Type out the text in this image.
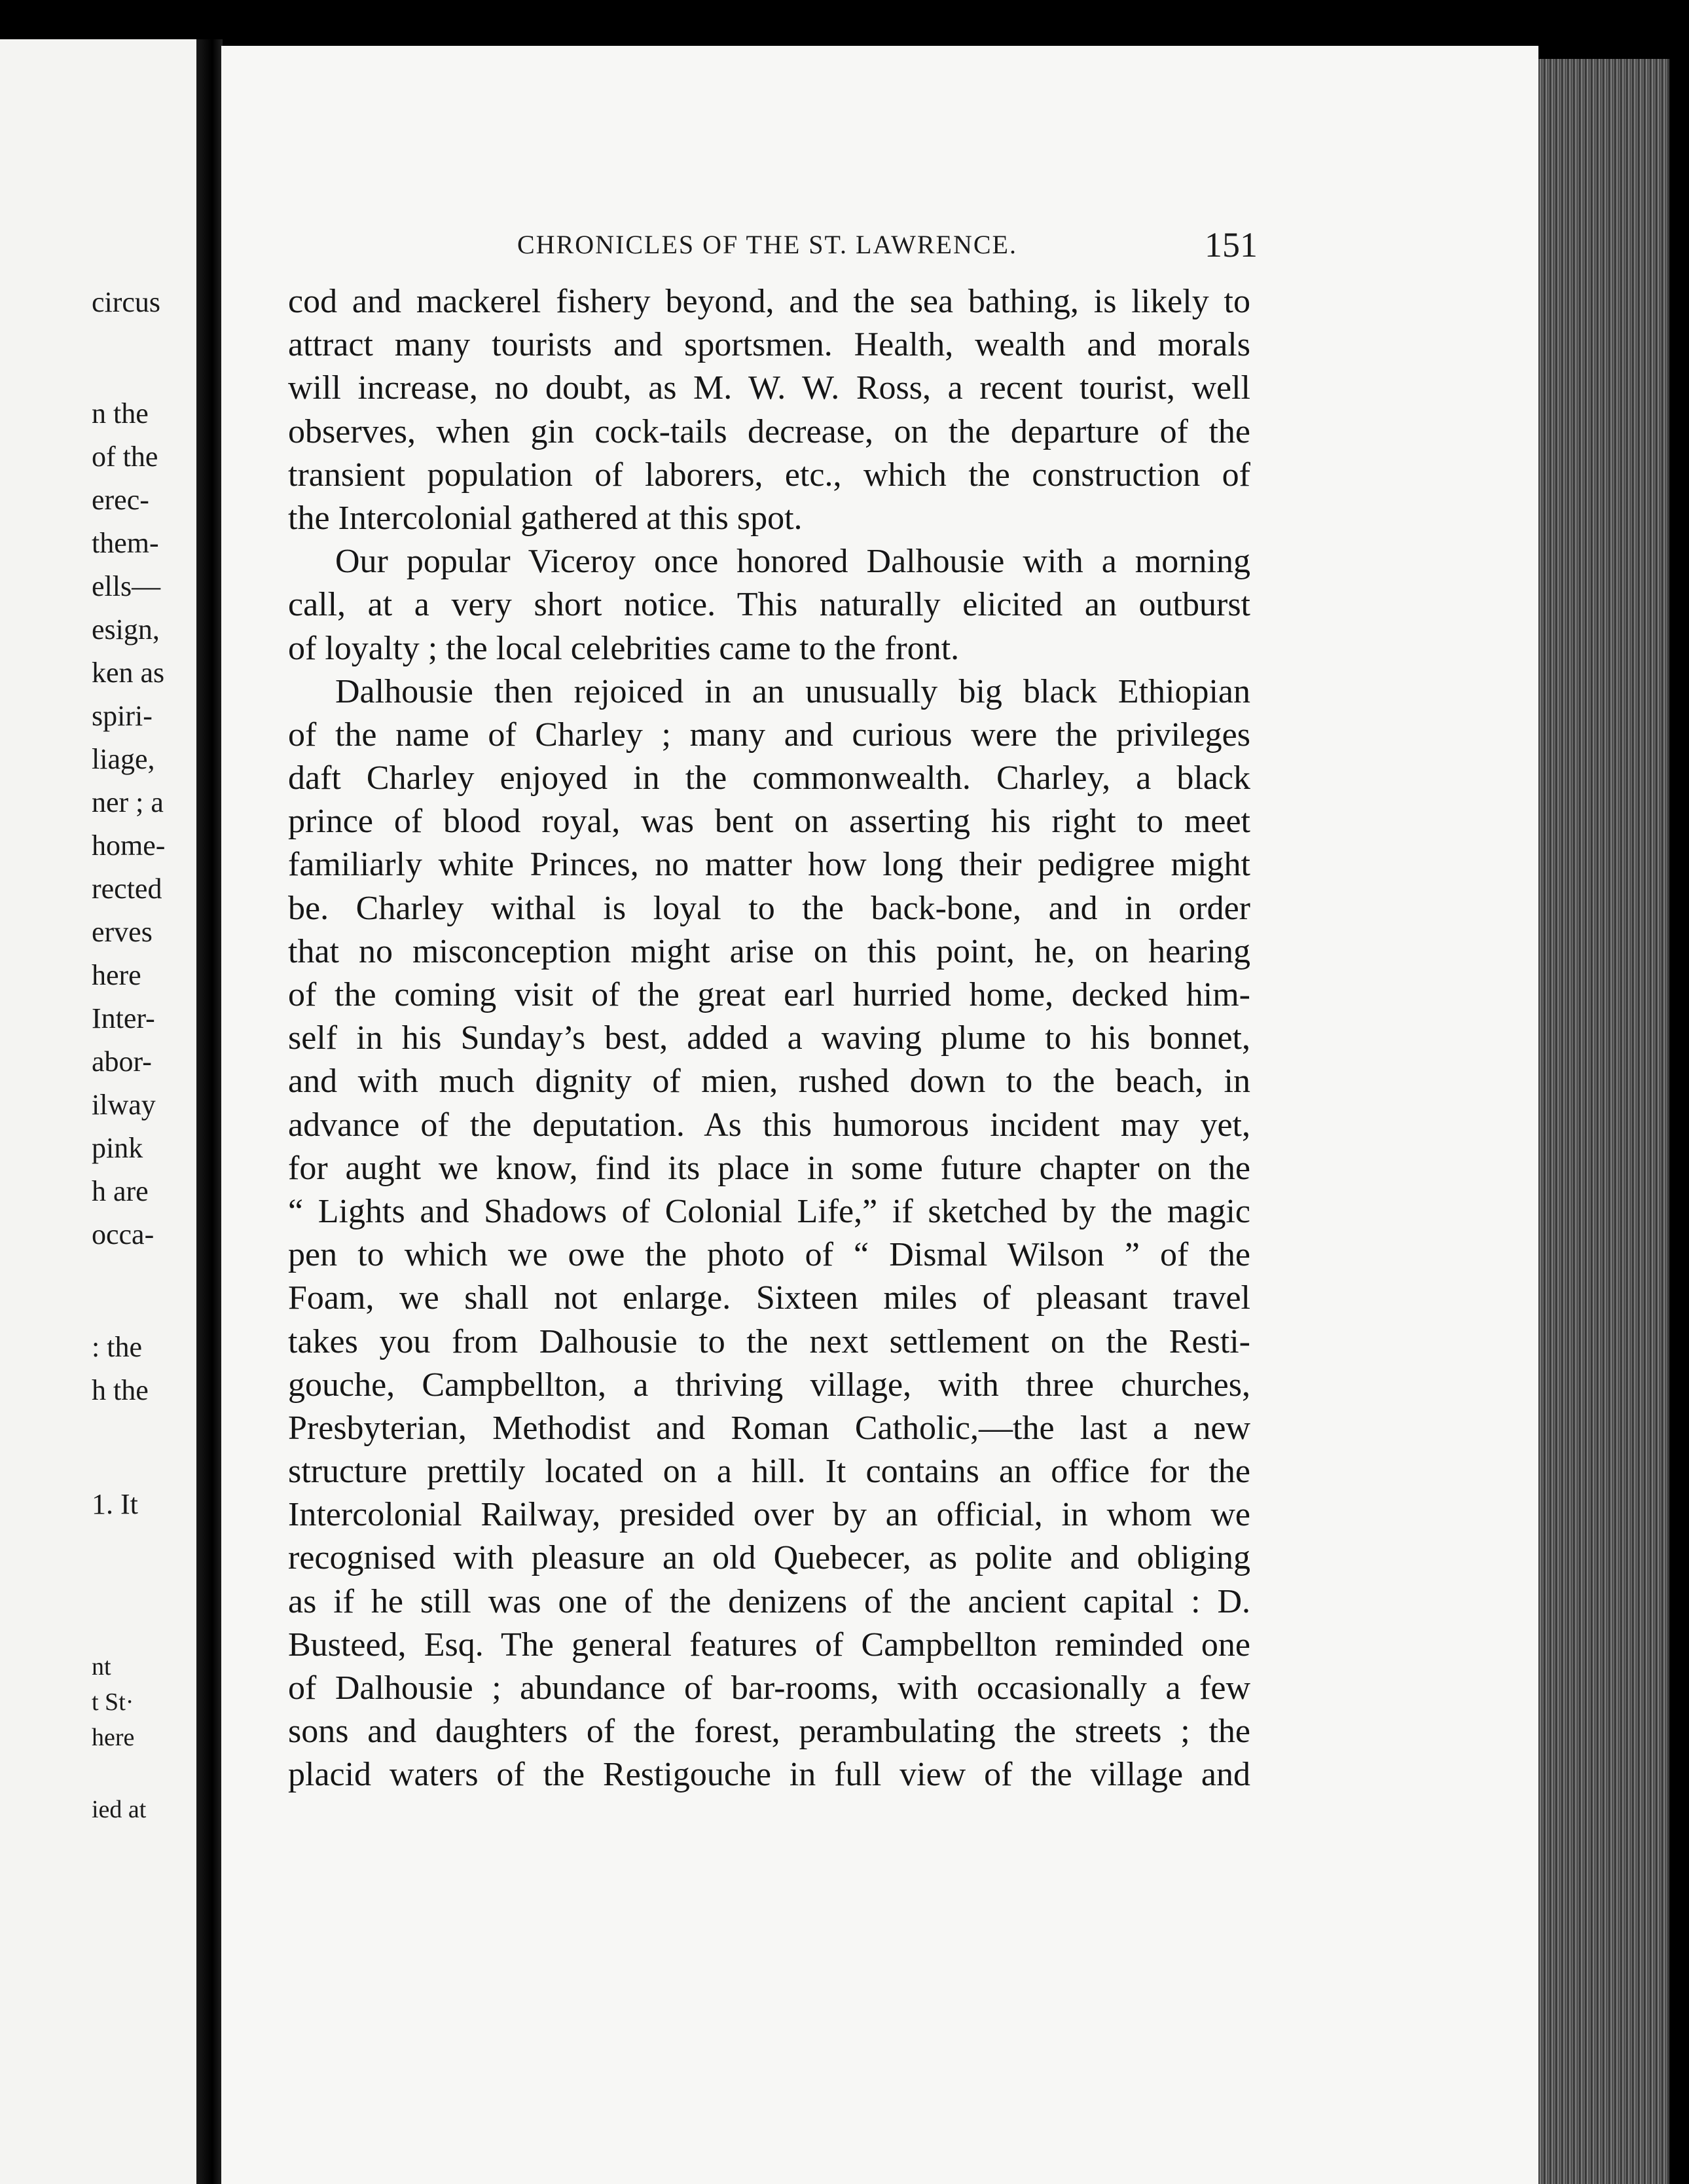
circus
n the
of the
erec-
them-
ells—
esign,
ken as
spiri-
liage,
ner ; a
home-
rected
erves
here
Inter-
abor-
ilway
pink
h are
occa-
: the
h the
1. It
nt
t St·
here
ied at
CHRONICLES OF THE ST. LAWRENCE.	151
cod and mackerel fishery beyond, and the sea bathing, is likely to
attract many tourists and sportsmen. Health, wealth and morals
will increase, no doubt, as M. W. W. Ross, a recent tourist, well
observes, when gin cock-tails decrease, on the departure of the
transient population of laborers, etc., which the construction of
the Intercolonial gathered at this spot.
Our popular Viceroy once honored Dalhousie with a morning
call, at a very short notice. This naturally elicited an outburst
of loyalty ; the local celebrities came to the front.
Dalhousie then rejoiced in an unusually big black Ethiopian
of the name of Charley ; many and curious were the privileges
daft Charley enjoyed in the commonwealth. Charley, a black
prince of blood royal, was bent on asserting his right to meet
familiarly white Princes, no matter how long their pedigree might
be. Charley withal is loyal to the back-bone, and in order
that no misconception might arise on this point, he, on hearing
of the coming visit of the great earl hurried home, decked him-
self in his Sunday’s best, added a waving plume to his bonnet,
and with much dignity of mien, rushed down to the beach, in
advance of the deputation. As this humorous incident may yet,
for aught we know, find its place in some future chapter on the
“ Lights and Shadows of Colonial Life,” if sketched by the magic
pen to which we owe the photo of “ Dismal Wilson ” of the
Foam, we shall not enlarge. Sixteen miles of pleasant travel
takes you from Dalhousie to the next settlement on the Resti-
gouche, Campbellton, a thriving village, with three churches,
Presbyterian, Methodist and Roman Catholic,—the last a new
structure prettily located on a hill. It contains an office for the
Intercolonial Railway, presided over by an official, in whom we
recognised with pleasure an old Quebecer, as polite and obliging
as if he still was one of the denizens of the ancient capital : D.
Busteed, Esq. The general features of Campbellton reminded one
of Dalhousie ; abundance of bar-rooms, with occasionally a few
sons and daughters of the forest, perambulating the streets ; the
placid waters of the Restigouche in full view of the village and
